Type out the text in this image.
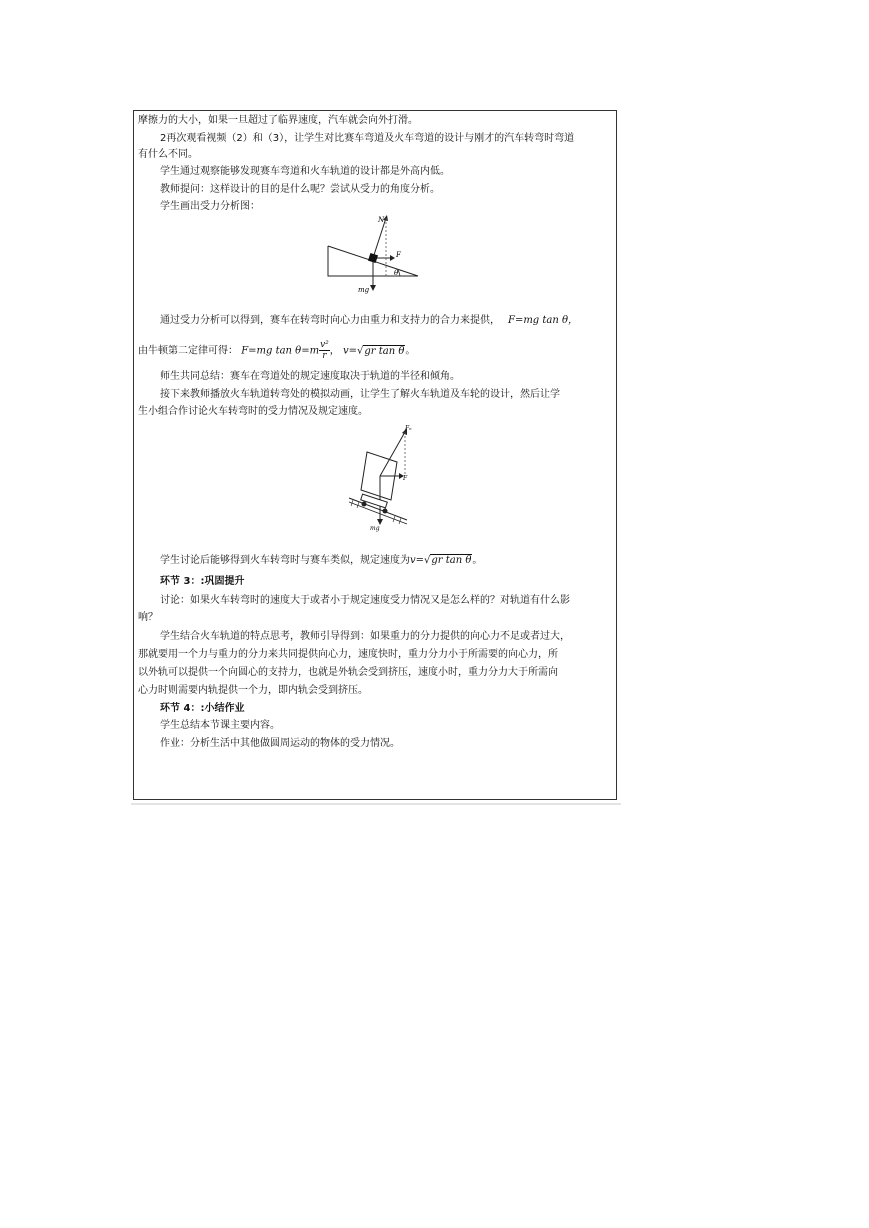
摩擦力的大小，如果一旦超过了临界速度，汽车就会向外打滑。
2再次观看视频（2）和（3），让学生对比赛车弯道及火车弯道的设计与刚才的汽车转弯时弯道
有什么不同。
学生通过观察能够发现赛车弯道和火车轨道的设计都是外高内低。
教师提问：这样设计的目的是什么呢？尝试从受力的角度分析。
学生画出受力分析图：
N
F
θ
mg
通过受力分析可以得到，赛车在转弯时向心力由重力和支持力的合力来提供， F=mg tan θ，
由牛顿第二定律可得： F=mg $\tan \theta=m \frac{\text{v²}}{r}$ ， v=√gr tan θ。
师生共同总结：赛车在弯道处的规定速度取决于轨道的半径和倾角。
接下来教师播放火车轨道转弯处的模拟动画，让学生了解火车轨道及车轮的设计，然后让学
生小组合作讨论火车转弯时的受力情况及规定速度。
Fₙ
F
mg
学生讨论后能够得到火车转弯时与赛车类似，规定速度为v=√gr tan θ。
环节 3：:巩固提升
讨论：如果火车转弯时的速度大于或者小于规定速度受力情况又是怎么样的？对轨道有什么影
响？
学生结合火车轨道的特点思考，教师引导得到：如果重力的分力提供的向心力不足或者过大，
那就要用一个力与重力的分力来共同提供向心力，速度快时，重力分力小于所需要的向心力，所
以外轨可以提供一个向圆心的支持力，也就是外轨会受到挤压，速度小时，重力分力大于所需向
心力时则需要内轨提供一个力，即内轨会受到挤压。
环节 4：:小结作业
学生总结本节课主要内容。
作业：分析生活中其他做圆周运动的物体的受力情况。
